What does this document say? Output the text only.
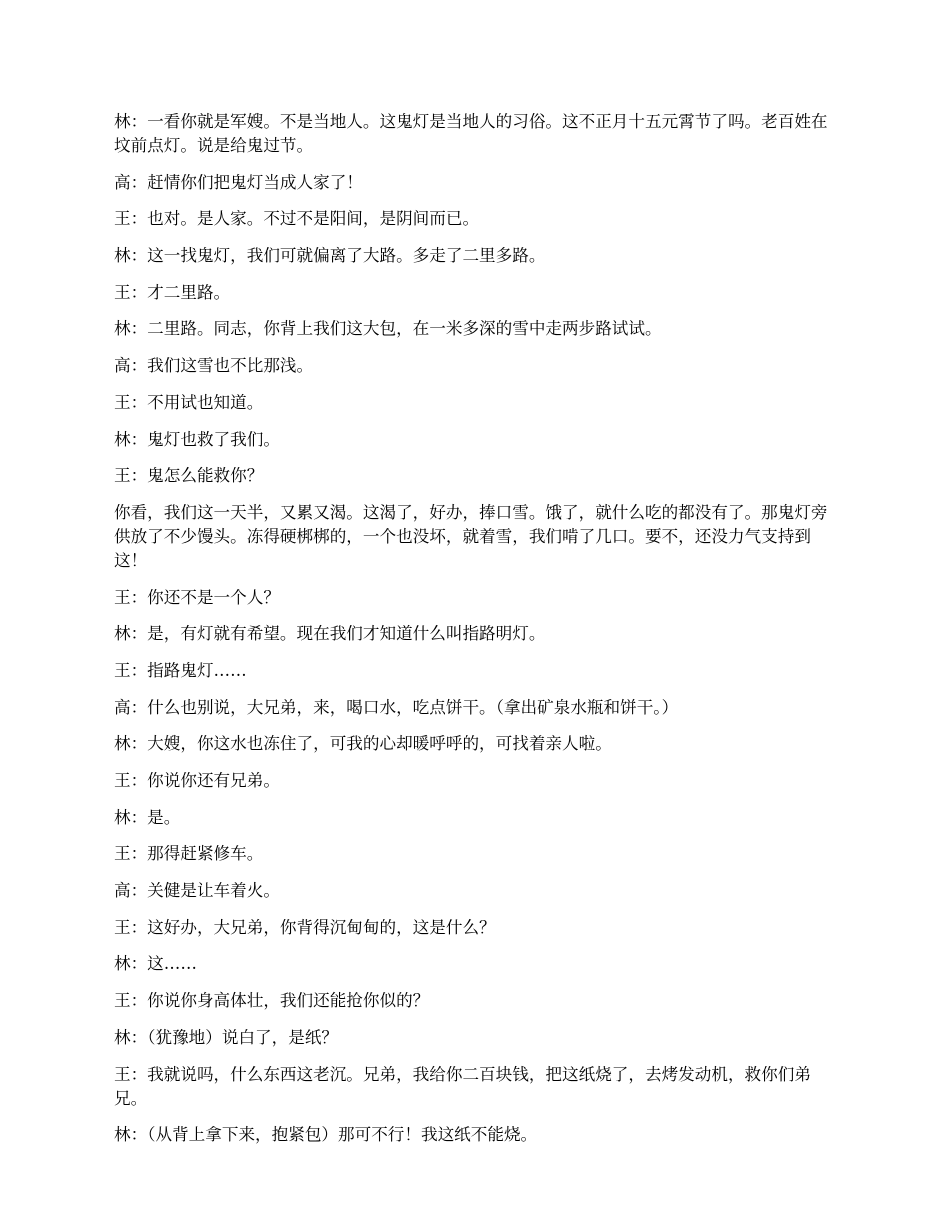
林：一看你就是军嫂。不是当地人。这鬼灯是当地人的习俗。这不正月十五元霄节了吗。老百姓在坟前点灯。说是给鬼过节。

高：赶情你们把鬼灯当成人家了！

王：也对。是人家。不过不是阳间，是阴间而已。

林：这一找鬼灯，我们可就偏离了大路。多走了二里多路。

王：才二里路。

林：二里路。同志，你背上我们这大包，在一米多深的雪中走两步路试试。

高：我们这雪也不比那浅。

王：不用试也知道。

林：鬼灯也救了我们。

王：鬼怎么能救你？

你看，我们这一天半，又累又渴。这渴了，好办，捧口雪。饿了，就什么吃的都没有了。那鬼灯旁供放了不少馒头。冻得硬梆梆的，一个也没坏，就着雪，我们啃了几口。要不，还没力气支持到这！

王：你还不是一个人？

林：是，有灯就有希望。现在我们才知道什么叫指路明灯。

王：指路鬼灯……

高：什么也别说，大兄弟，来，喝口水，吃点饼干。（拿出矿泉水瓶和饼干。）

林：大嫂，你这水也冻住了，可我的心却暖呼呼的，可找着亲人啦。

王：你说你还有兄弟。

林：是。

王：那得赶紧修车。

高：关健是让车着火。

王：这好办，大兄弟，你背得沉甸甸的，这是什么？

林：这……

王：你说你身高体壮，我们还能抢你似的？

林：（犹豫地）说白了，是纸？

王：我就说吗，什么东西这老沉。兄弟，我给你二百块钱，把这纸烧了，去烤发动机，救你们弟兄。

林：（从背上拿下来，抱紧包）那可不行！我这纸不能烧。
